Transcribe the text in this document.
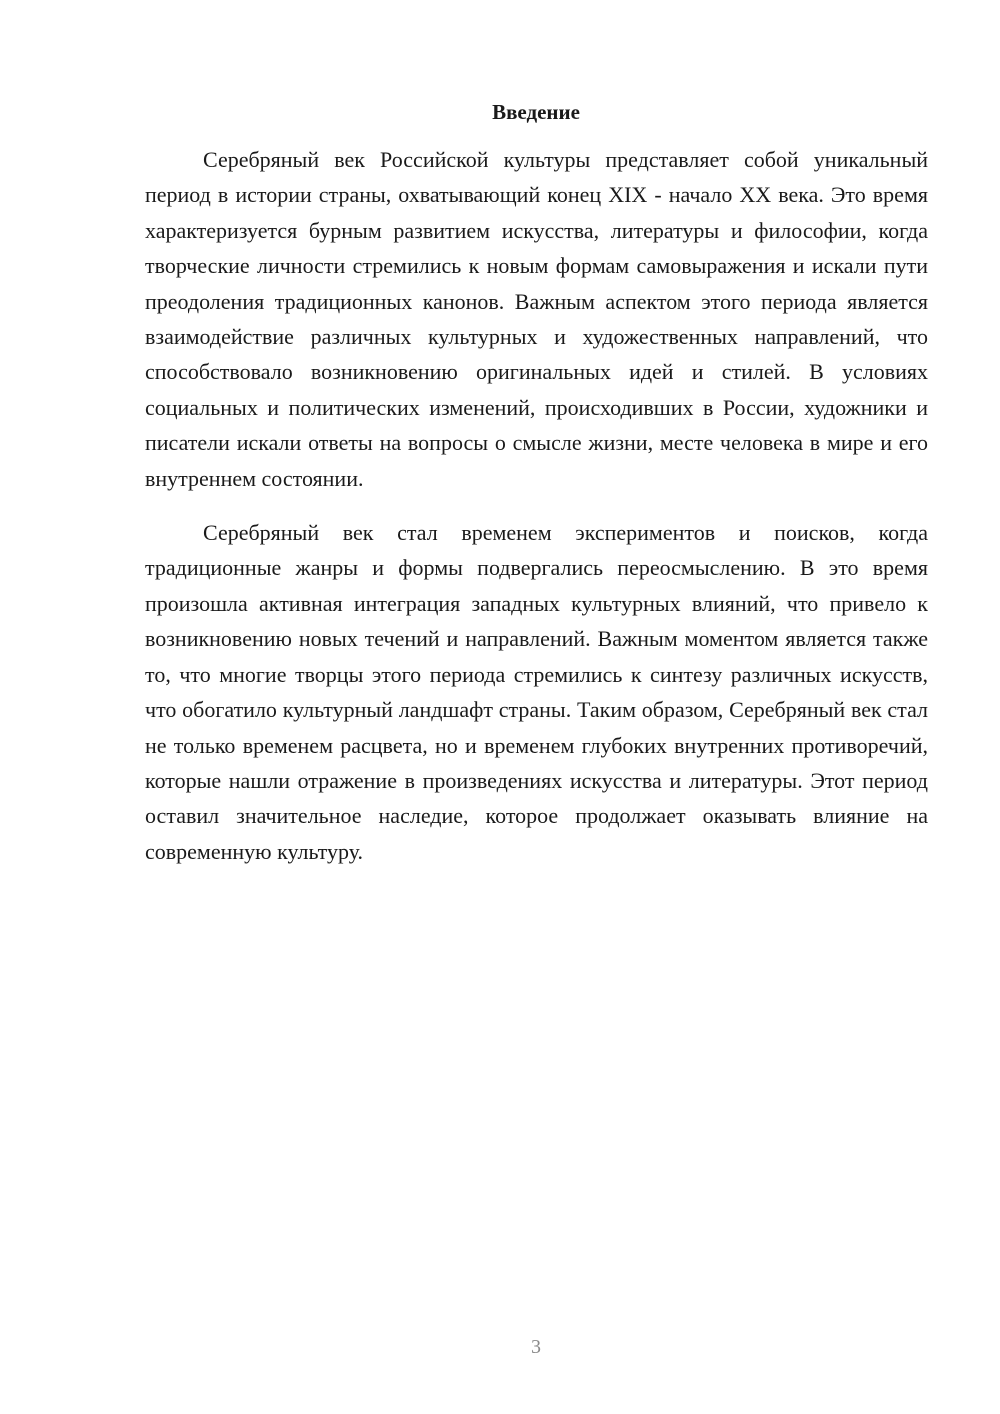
Введение

Серебряный век Российской культуры представляет собой уникальный период в истории страны, охватывающий конец XIX - начало XX века. Это время характеризуется бурным развитием искусства, литературы и философии, когда творческие личности стремились к новым формам самовыражения и искали пути преодоления традиционных канонов. Важным аспектом этого периода является взаимодействие различных культурных и художественных направлений, что способствовало возникновению оригинальных идей и стилей. В условиях социальных и политических изменений, происходивших в России, художники и писатели искали ответы на вопросы о смысле жизни, месте человека в мире и его внутреннем состоянии.

Серебряный век стал временем экспериментов и поисков, когда традиционные жанры и формы подвергались переосмыслению. В это время произошла активная интеграция западных культурных влияний, что привело к возникновению новых течений и направлений. Важным моментом является также то, что многие творцы этого периода стремились к синтезу различных искусств, что обогатило культурный ландшафт страны. Таким образом, Серебряный век стал не только временем расцвета, но и временем глубоких внутренних противоречий, которые нашли отражение в произведениях искусства и литературы. Этот период оставил значительное наследие, которое продолжает оказывать влияние на современную культуру.

3
